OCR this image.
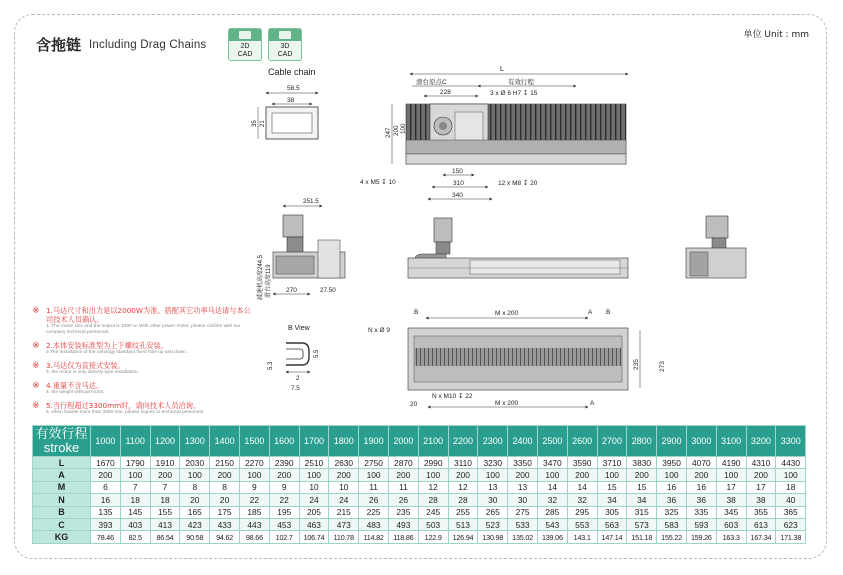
含拖链 Including Drag Chains	2D
CAD
3D
CAD
单位 Unit : mm
Cable chain
58.5
38
35 21
L
滑台原点C	有效行程
228	3 x Ø 6 H7 ↧ 15
247 200 100
150
310
340
4 x M5 ↧ 10	12 x M8 ↧ 20
251.5
270	27.50
滑台高度119
减速机高度244.5
B View
2
7.5
5.5
5.3
B	A B
M x 200
N x Ø 9
235	273
20
N x M10 ↧ 22
M x 200	A
※ 1.马达尺寸和出力是以2000W为准。搭配其它功率马达请与本公司技术人员确认。
1. The motor size and the output is 1000 w. With other power motor, please confirm with our company technical personnel.
※ 2.本体安装标准型为上下螺纹孔安装。
2.The installation of the ontology standard fixed hole up and down.
※ 3.马达仅为直接式安装。
3. the motor is only directly type installation.
※ 4.重量不含马达。
4. the weight without motor.
※ 5.当行程超过3300mm时，请向技术人员洽询。
5. when travels more than 3300 mm, please inquire to technical personnel.
有效行程
stroke	1000	1100	1200	1300	1400	1500	1600	1700	1800	1900	2000	2100	2200	2300	2400	2500	2600	2700	2800	2900	3000	3100	3200	3300
L	1670	1790	1910	2030	2150	2270	2390	2510	2630	2750	2870	2990	3110	3230	3350	3470	3590	3710	3830	3950	4070	4190	4310	4430
A	200	100	200	100	200	100	200	100	200	100	200	100	200	100	200	100	200	100	200	100	200	100	200	100
M	6	7	7	8	8	9	9	10	10	11	11	12	12	13	13	14	14	15	15	16	16	17	17	18
N	16	18	18	20	20	22	22	24	24	26	26	28	28	30	30	32	32	34	34	36	36	38	38	40
B	135	145	155	165	175	185	195	205	215	225	235	245	255	265	275	285	295	305	315	325	335	345	355	365
C	393	403	413	423	433	443	453	463	473	483	493	503	513	523	533	543	553	563	573	583	593	603	613	623
KG	78.46	82.5	86.54	90.58	94.62	98.66	102.7	106.74	110.78	114.82	118.86	122.9	126.94	130.98	135.02	139.06	143.1	147.14	151.18	155.22	159.26	163.3	167.34	171.38
